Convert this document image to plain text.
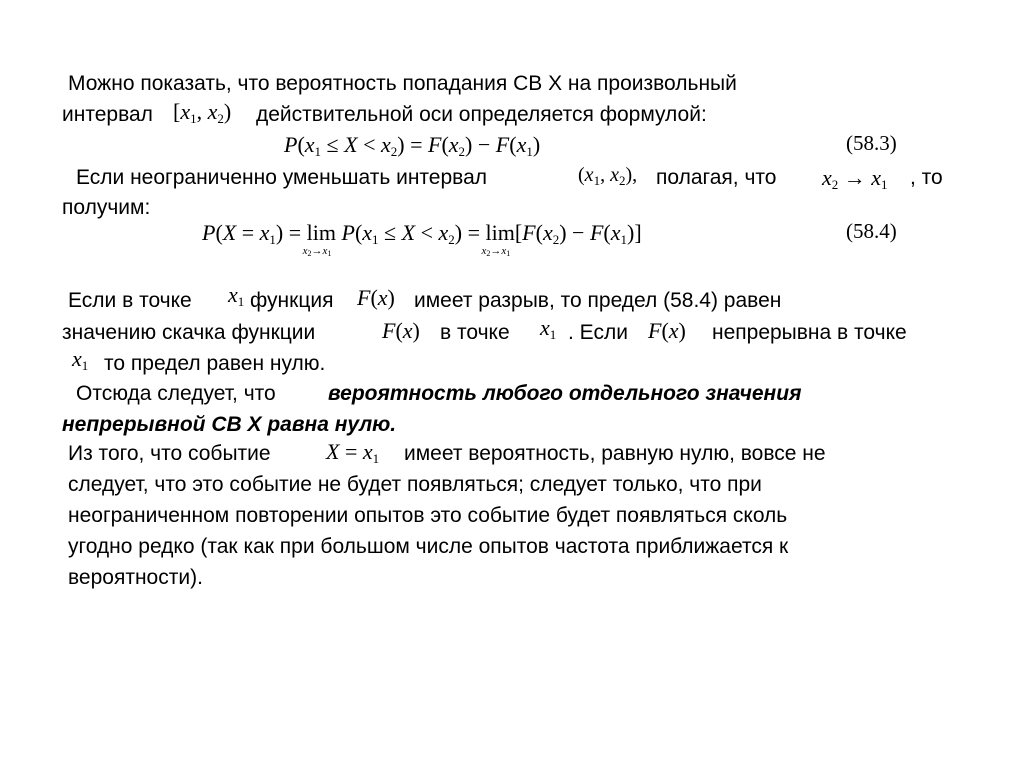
Можно показать, что вероятность попадания СВ Х на произвольный
интервал [$x_1$, $x_2$) действительной оси определяется формулой:
$P(x_1 \le X < x_2) = F(x_2) - F(x_1)$	(58.3)
Если неограниченно уменьшать интервал	($x_1$, $x_2$), полагая, что $x_2 \to x_1$ , то
получим:
$P(X = x_1) = \lim$
$x_2\to x_1$
$P(x_1 \le X < x_2) = \lim$
$x_2\to x_1$
$[F(x_2) - F(x_1)]$	(58.4)
Если в точке $x_1$ функция F(x) имеет разрыв, то предел (58.4) равен
значению скачка функции	F(x) в точке $x_1$ . Если F(x) непрерывна в точке
$x_1$ то предел равен нулю.
Отсюда следует, что вероятность любого отдельного значения
непрерывной СВ Х равна нулю.
Из того, что событие	$X = x_1$ имеет вероятность, равную нулю, вовсе не
следует, что это событие не будет появляться; следует только, что при
неограниченном повторении опытов это событие будет появляться сколь
угодно редко (так как при большом числе опытов частота приближается к
вероятности).
